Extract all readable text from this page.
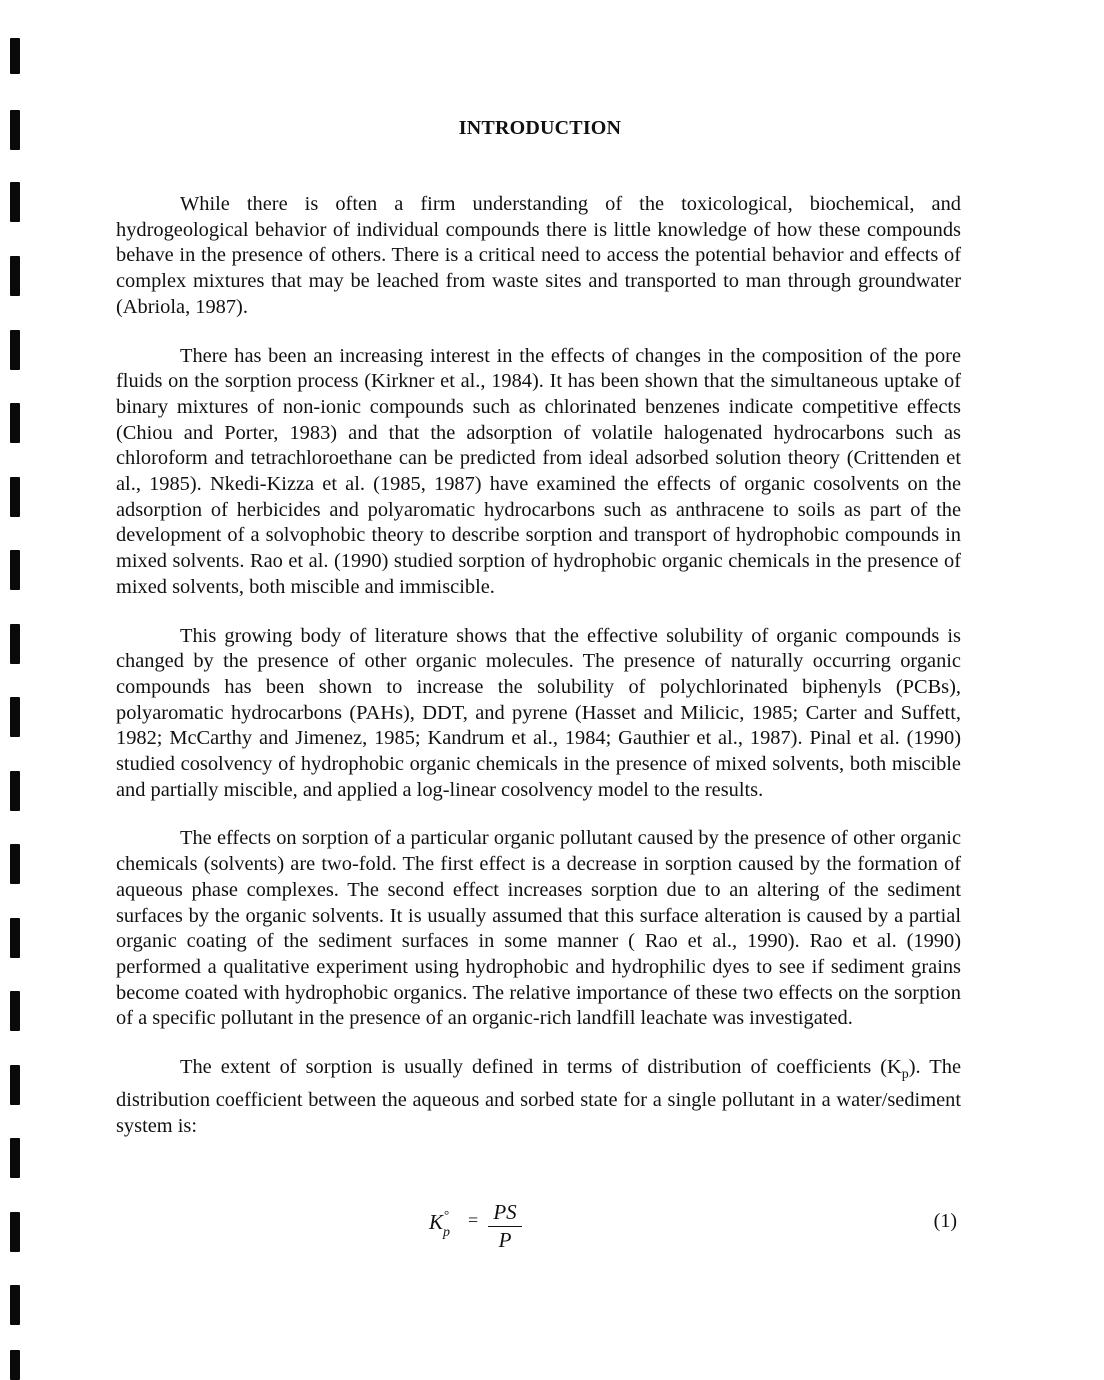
INTRODUCTION

While there is often a firm understanding of the toxicological, biochemical, and hydrogeological behavior of individual compounds there is little knowledge of how these compounds behave in the presence of others. There is a critical need to access the potential behavior and effects of complex mixtures that may be leached from waste sites and transported to man through groundwater (Abriola, 1987).

There has been an increasing interest in the effects of changes in the composition of the pore fluids on the sorption process (Kirkner et al., 1984). It has been shown that the simultaneous uptake of binary mixtures of non-ionic compounds such as chlorinated benzenes indicate competitive effects (Chiou and Porter, 1983) and that the adsorption of volatile halogenated hydrocarbons such as chloroform and tetrachloroethane can be predicted from ideal adsorbed solution theory (Crittenden et al., 1985). Nkedi-Kizza et al. (1985, 1987) have examined the effects of organic cosolvents on the adsorption of herbicides and polyaromatic hydrocarbons such as anthracene to soils as part of the development of a solvophobic theory to describe sorption and transport of hydrophobic compounds in mixed solvents. Rao et al. (1990) studied sorption of hydrophobic organic chemicals in the presence of mixed solvents, both miscible and immiscible.

This growing body of literature shows that the effective solubility of organic compounds is changed by the presence of other organic molecules. The presence of naturally occurring organic compounds has been shown to increase the solubility of polychlorinated biphenyls (PCBs), polyaromatic hydrocarbons (PAHs), DDT, and pyrene (Hasset and Milicic, 1985; Carter and Suffett, 1982; McCarthy and Jimenez, 1985; Kandrum et al., 1984; Gauthier et al., 1987). Pinal et al. (1990) studied cosolvency of hydrophobic organic chemicals in the presence of mixed solvents, both miscible and partially miscible, and applied a log-linear cosolvency model to the results.

The effects on sorption of a particular organic pollutant caused by the presence of other organic chemicals (solvents) are two-fold. The first effect is a decrease in sorption caused by the formation of aqueous phase complexes. The second effect increases sorption due to an altering of the sediment surfaces by the organic solvents. It is usually assumed that this surface alteration is caused by a partial organic coating of the sediment surfaces in some manner ( Rao et al., 1990). Rao et al. (1990) performed a qualitative experiment using hydrophobic and hydrophilic dyes to see if sediment grains become coated with hydrophobic organics. The relative importance of these two effects on the sorption of a specific pollutant in the presence of an organic-rich landfill leachate was investigated.

The extent of sorption is usually defined in terms of distribution of coefficients $(K_p)$. The distribution coefficient between the aqueous and sorbed state for a single pollutant in a water/sediment system is:

$K_p^\circ$	= $\frac{PS}{P}$	(1)
